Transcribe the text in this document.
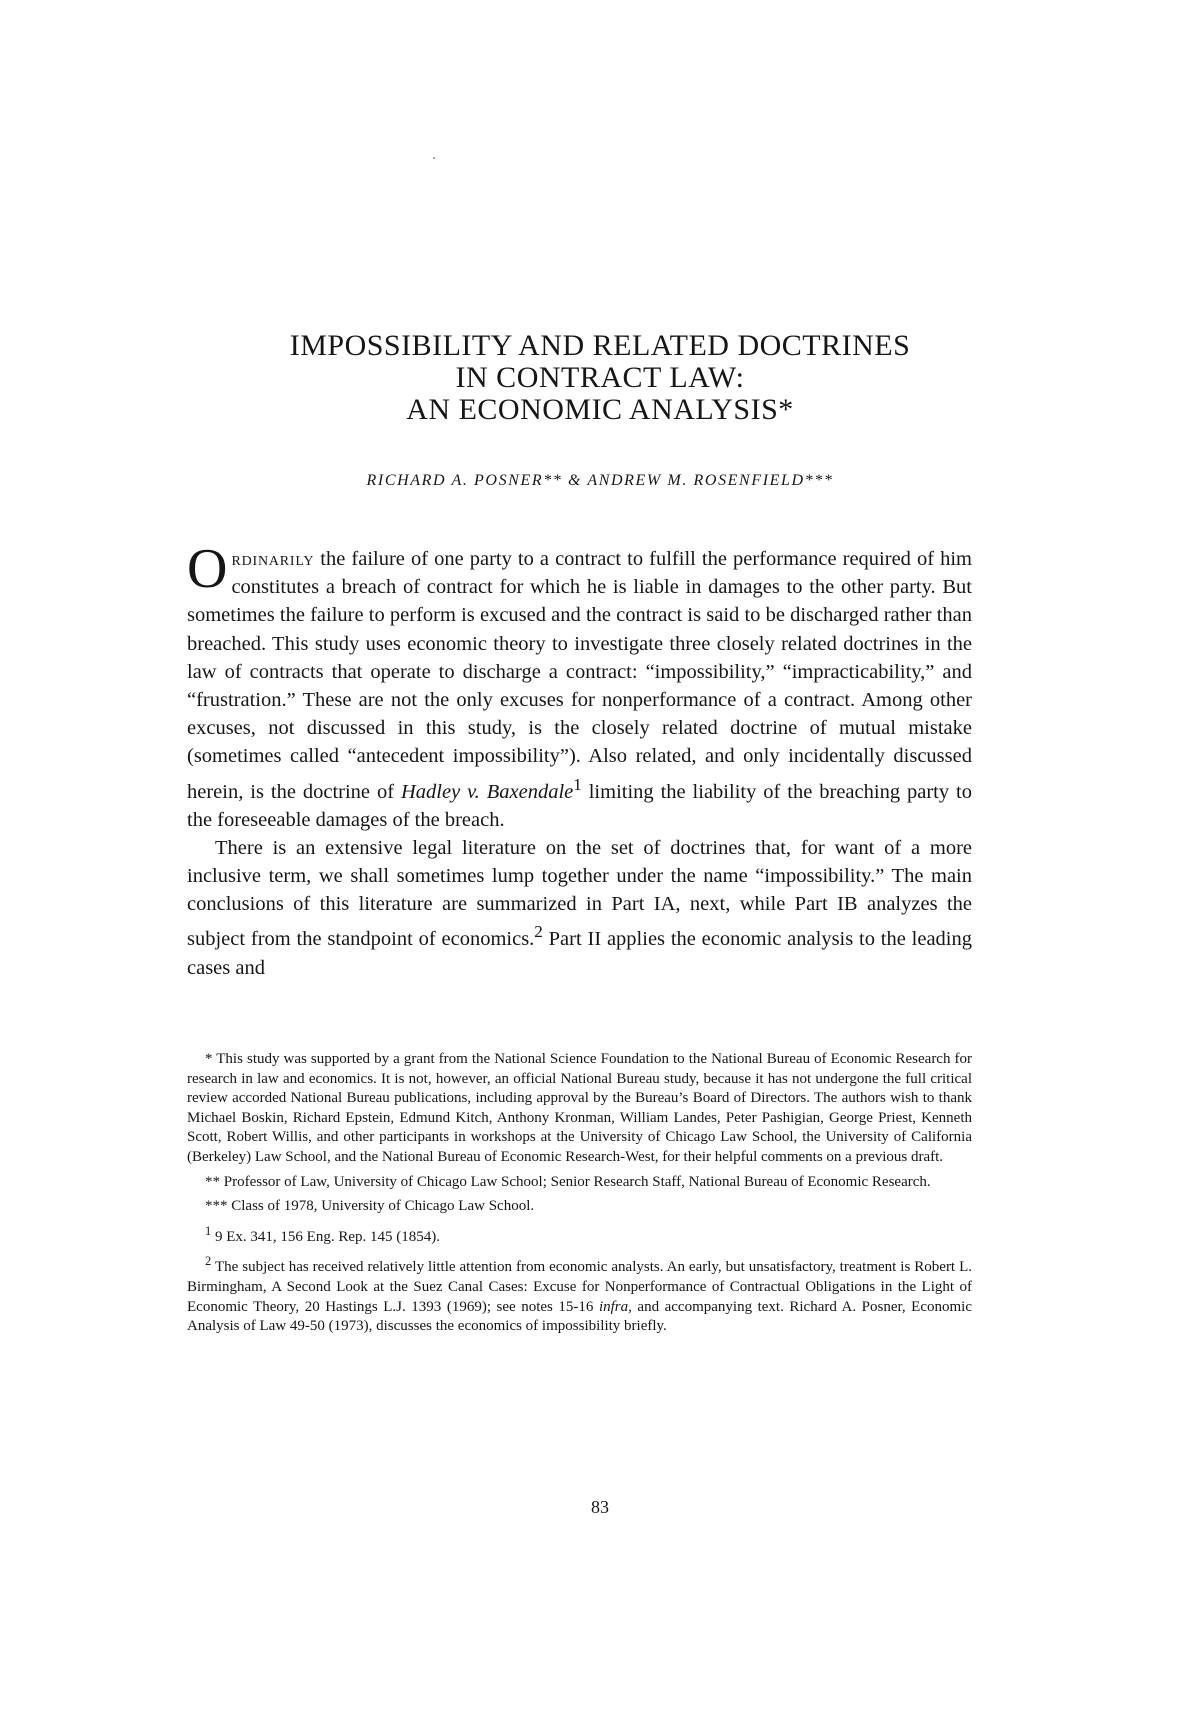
IMPOSSIBILITY AND RELATED DOCTRINES
IN CONTRACT LAW:
AN ECONOMIC ANALYSIS*

RICHARD A. POSNER** & ANDREW M. ROSENFIELD***

Ordinarily the failure of one party to a contract to fulfill the performance required of him constitutes a breach of contract for which he is liable in damages to the other party. But sometimes the failure to perform is excused and the contract is said to be discharged rather than breached. This study uses economic theory to investigate three closely related doctrines in the law of contracts that operate to discharge a contract: “impossibility,” “impracticability,” and “frustration.” These are not the only excuses for nonperformance of a contract. Among other excuses, not discussed in this study, is the closely related doctrine of mutual mistake (sometimes called “antecedent impossibility”). Also related, and only incidentally discussed herein, is the doctrine of Hadley v. Baxendale$^1$ limiting the liability of the breaching party to the foreseeable damages of the breach.

There is an extensive legal literature on the set of doctrines that, for want of a more inclusive term, we shall sometimes lump together under the name “impossibility.” The main conclusions of this literature are summarized in Part IA, next, while Part IB analyzes the subject from the standpoint of economics.$^2$ Part II applies the economic analysis to the leading cases and

* This study was supported by a grant from the National Science Foundation to the National Bureau of Economic Research for research in law and economics. It is not, however, an official National Bureau study, because it has not undergone the full critical review accorded National Bureau publications, including approval by the Bureau’s Board of Directors. The authors wish to thank Michael Boskin, Richard Epstein, Edmund Kitch, Anthony Kronman, William Landes, Peter Pashigian, George Priest, Kenneth Scott, Robert Willis, and other participants in workshops at the University of Chicago Law School, the University of California (Berkeley) Law School, and the National Bureau of Economic Research-West, for their helpful comments on a previous draft.

** Professor of Law, University of Chicago Law School; Senior Research Staff, National Bureau of Economic Research.

*** Class of 1978, University of Chicago Law School.

$^1$ 9 Ex. 341, 156 Eng. Rep. 145 (1854).

$^2$ The subject has received relatively little attention from economic analysts. An early, but unsatisfactory, treatment is Robert L. Birmingham, A Second Look at the Suez Canal Cases: Excuse for Nonperformance of Contractual Obligations in the Light of Economic Theory, 20 Hastings L.J. 1393 (1969); see notes 15-16 infra, and accompanying text. Richard A. Posner, Economic Analysis of Law 49-50 (1973), discusses the economics of impossibility briefly.

83
